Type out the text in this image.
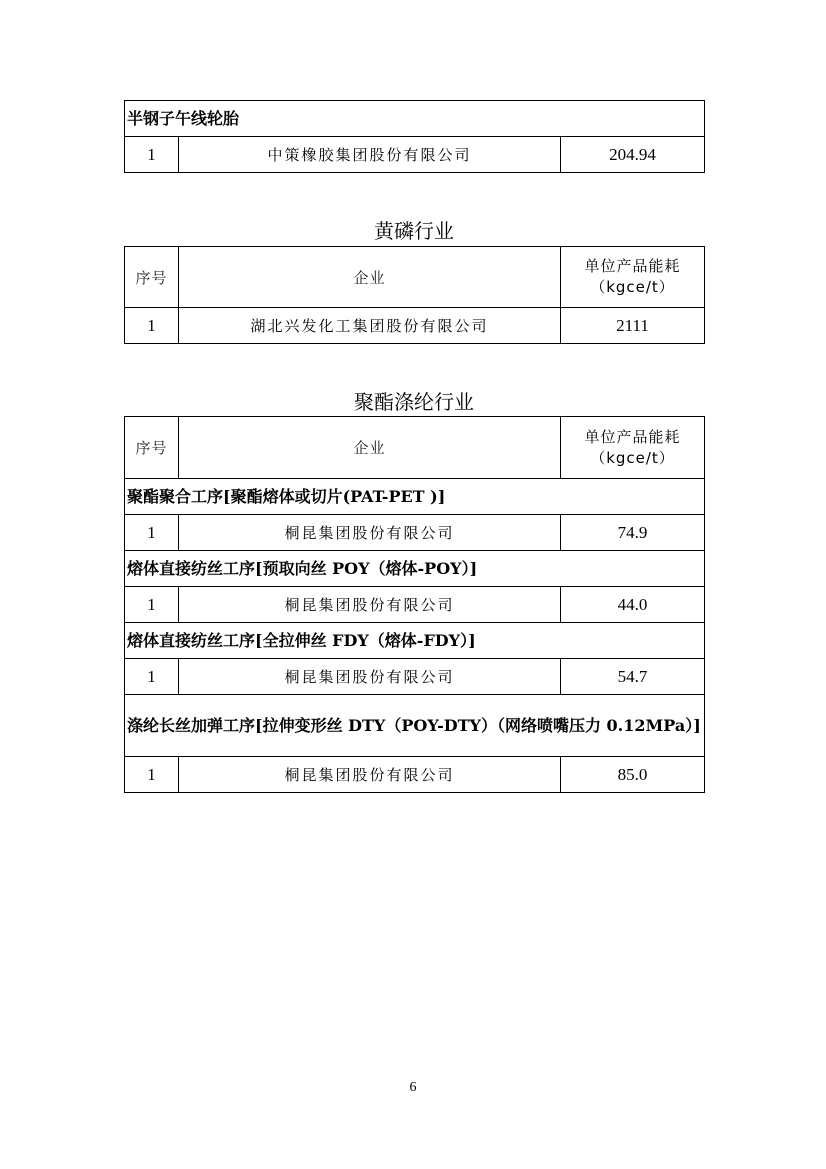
半钢子午线轮胎
1	中策橡胶集团股份有限公司	204.94
黄磷行业
序号	企业	单位产品能耗
（kgce/t）

1	湖北兴发化工集团股份有限公司	2111
聚酯涤纶行业
序号	企业	单位产品能耗
（kgce/t）

聚酯聚合工序[聚酯熔体或切片(PAT-PET )]		
1	桐昆集团股份有限公司	74.9
熔体直接纺丝工序[预取向丝 POY（熔体-POY）]		
1	桐昆集团股份有限公司	44.0
熔体直接纺丝工序[全拉伸丝 FDY（熔体-FDY）]		
1	桐昆集团股份有限公司	54.7
涤纶长丝加弹工序[拉伸变形丝 DTY（POY-DTY）（网络喷嘴压力 0.12MPa）]		
1	桐昆集团股份有限公司	85.0
6
